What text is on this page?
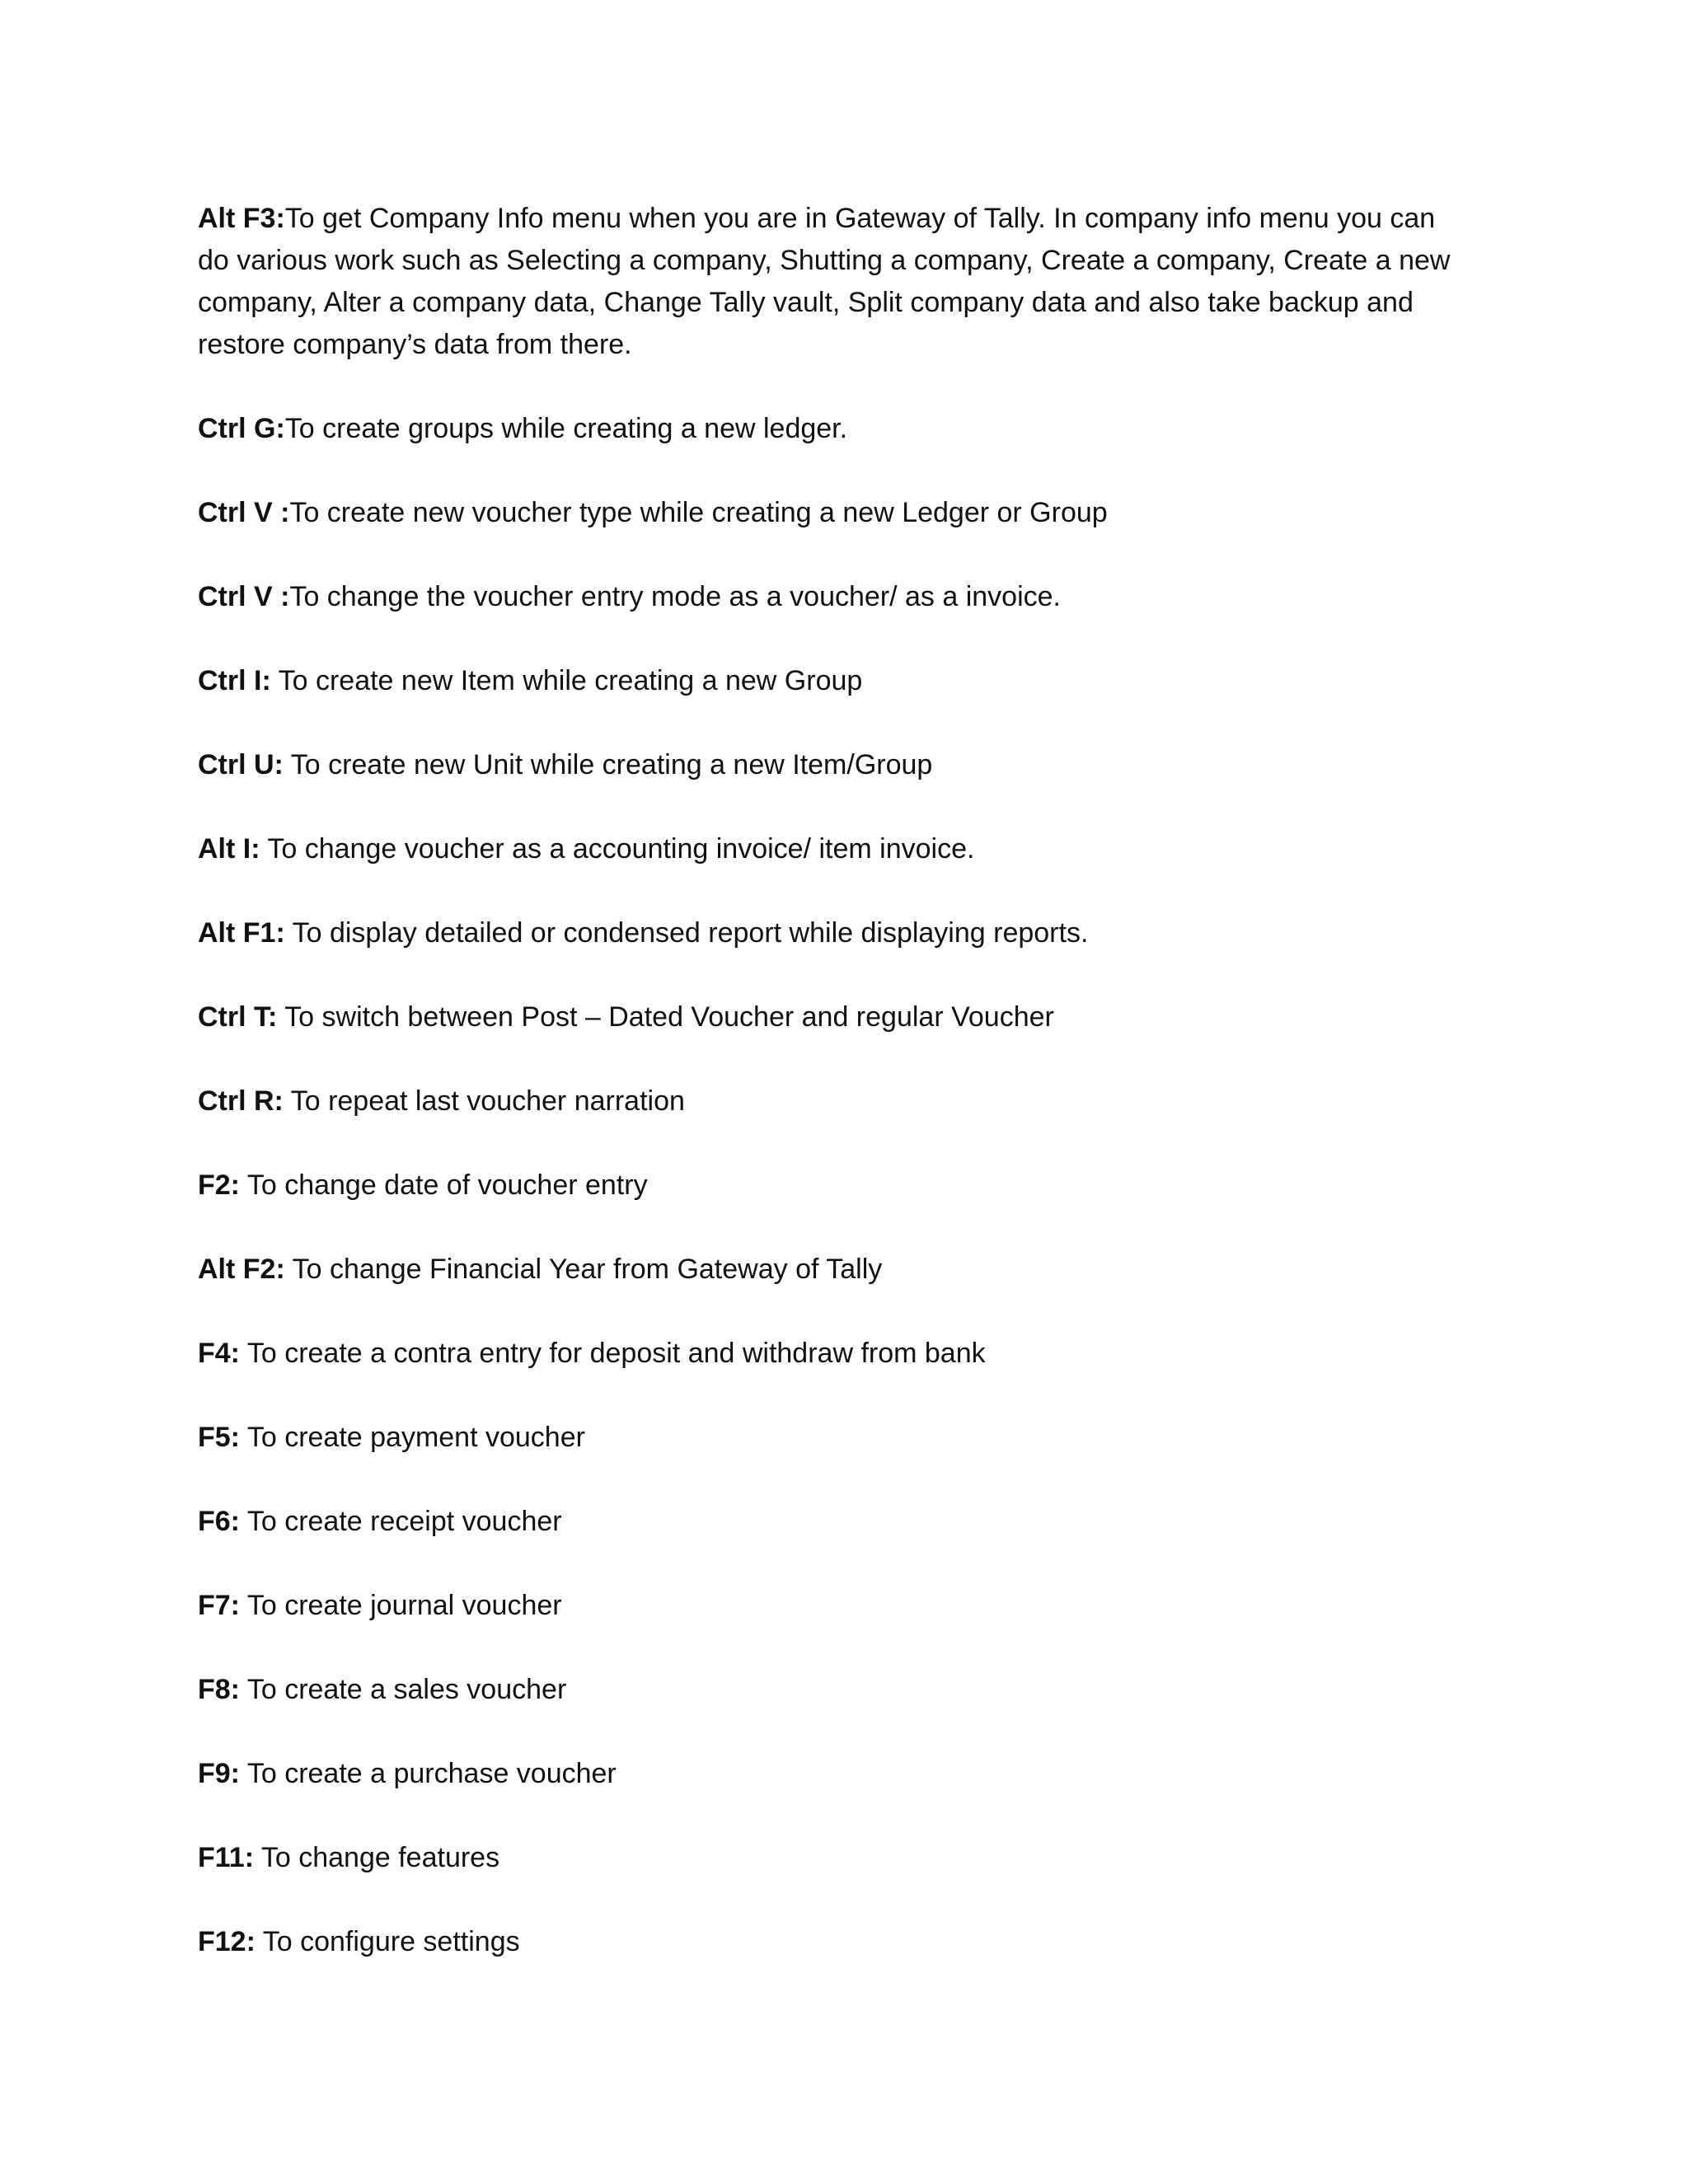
Alt F3:To get Company Info menu when you are in Gateway of Tally. In company info menu you can do various work such as Selecting a company, Shutting a company, Create a company, Create a new company, Alter a company data, Change Tally vault, Split company data and also take backup and restore company’s data from there.

Ctrl G:To create groups while creating a new ledger.

Ctrl V :To create new voucher type while creating a new Ledger or Group

Ctrl V :To change the voucher entry mode as a voucher/ as a invoice.

Ctrl I: To create new Item while creating a new Group

Ctrl U: To create new Unit while creating a new Item/Group

Alt I: To change voucher as a accounting invoice/ item invoice.

Alt F1: To display detailed or condensed report while displaying reports.

Ctrl T: To switch between Post – Dated Voucher and regular Voucher

Ctrl R: To repeat last voucher narration

F2: To change date of voucher entry

Alt F2: To change Financial Year from Gateway of Tally

F4: To create a contra entry for deposit and withdraw from bank

F5: To create payment voucher

F6: To create receipt voucher

F7: To create journal voucher

F8: To create a sales voucher

F9: To create a purchase voucher

F11: To change features

F12: To configure settings
